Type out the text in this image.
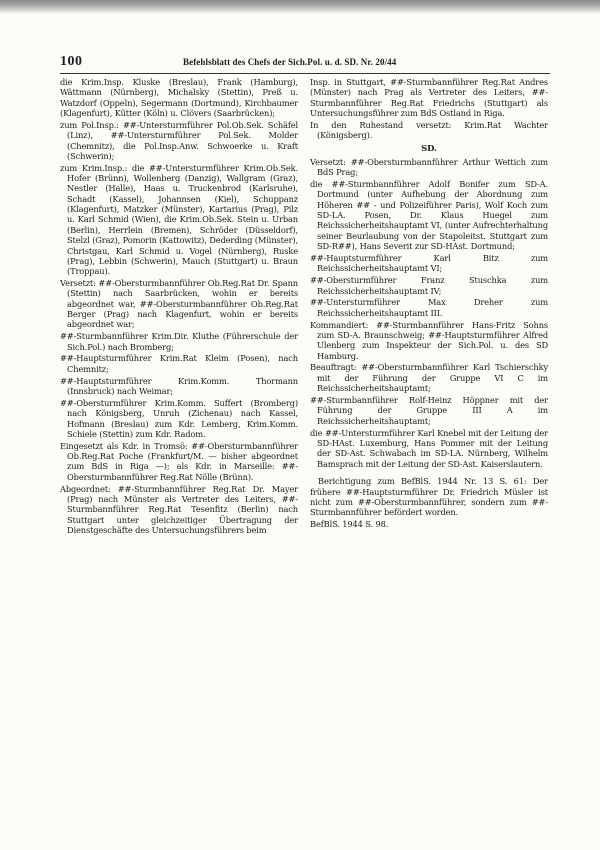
100	Befehlsblatt des Chefs der Sich.Pol. u. d. SD. Nr. 20/44

die Krim.Insp. Kluske (Breslau), Frank (Hamburg), Wättmann (Nürnberg), Michalsky (Stettin), Preß u. Watzdorf (Oppeln), Segermann (Dortmund), Kirchbaumer (Klagenfurt), Kütter (Köln) u. Clövers (Saarbrücken);

zum Pol.Insp.: ##-Untersturmführer Pol.Ob.Sek. Schäfel (Linz), ##-Untersturmführer Pol.Sek. Molder (Chemnitz), die Pol.Insp.Anw. Schwoerke u. Kraft (Schwerin);

zum Krim.Insp.: die ##-Untersturmführer Krim.Ob.Sek. Hofer (Brünn), Wollenberg (Danzig), Wallgram (Graz), Nestler (Halle), Haas u. Truckenbrod (Karlsruhe), Schadt (Kassel), Johannsen (Kiel), Schuppanz (Klagenfurt), Matzker (Münster), Kartarius (Prag), Pilz u. Karl Schmid (Wien), die Krim.Ob.Sek. Stein u. Urban (Berlin), Herrlein (Bremen), Schröder (Düsseldorf), Stelzl (Graz), Pomorin (Kattowitz), Dederding (Münster), Christgau, Karl Schmid u. Vogel (Nürnberg), Ruske (Prag), Lebbin (Schwerin), Mauch (Stuttgart) u. Braun (Troppau).

Versetzt: ##-Obersturmbannführer Ob.Reg.Rat Dr. Spann (Stettin) nach Saarbrücken, wohin er bereits abgeordnet war, ##-Obersturmbannführer Ob.Reg.Rat Berger (Prag) nach Klagenfurt, wohin er bereits abgeordnet war;

##-Sturmbannführer Krim.Dir. Kluthe (Führerschule der Sich.Pol.) nach Bromberg;

##-Hauptsturmführer Krim.Rat Kleim (Posen), nach Chemnitz;

##-Hauptsturmführer Krim.Komm. Thormann (Innsbruck) nach Weimar;

##-Obersturmführer Krim.Komm. Suffert (Bromberg) nach Königsberg, Unruh (Zichenau) nach Kassel, Hofmann (Breslau) zum Kdr. Lemberg, Krim.Komm. Schiele (Stettin) zum Kdr. Radom.

Eingesetzt als Kdr. in Tromsö: ##-Obersturmbannführer Ob.Reg.Rat Poche (Frankfurt/M. — bisher abgeordnet zum BdS in Riga —); als Kdr. in Marseille: ##-Obersturmbannführer Reg.Rat Nölle (Brünn).

Abgeordnet: ##-Sturmbannführer Reg.Rat Dr. Mayer (Prag) nach Münster als Vertreter des Leiters, ##-Sturmbannführer Reg.Rat Tesenfitz (Berlin) nach Stuttgart unter gleichzeitiger Übertragung der Dienstgeschäfte des Untersuchungsführers beim

Insp. in Stuttgart, ##-Sturmbannführer Reg.Rat Andres (Münster) nach Prag als Vertreter des Leiters, ##-Sturmbannführer Reg.Rat Friedrichs (Stuttgart) als Untersuchungsführer zum BdS Ostland in Riga.

In den Ruhestand versetzt: Krim.Rat Wachter (Königsberg).

SD.

Versetzt: ##-Obersturmbannführer Arthur Wettich zum BdS Prag;

die ##-Sturmbannführer Adolf Bonifer zum SD-A. Dortmund (unter Aufhebung der Abordnung zum Höheren ## - und Polizeiführer Paris), Wolf Koch zum SD-LA. Posen, Dr. Klaus Huegel zum Reichssicherheitshauptamt VI, (unter Aufrechterhaltung seiner Beurlaubung von der Stapoleitst. Stuttgart zum SD-R##), Hans Severit zur SD-HAst. Dortmund;

##-Hauptsturmführer Karl Bitz zum Reichssicherheitshauptamt VI;

##-Obersturmführer Franz Stuschka zum Reichssicherheitshauptamt IV;

##-Untersturmführer Max Dreher zum Reichssicherheitshauptamt III.

Kommandiert: ##-Sturmbannführer Hans-Fritz Sohns zum SD-A. Braunschweig; ##-Hauptsturmführer Alfred Ulenberg zum Inspekteur der Sich.Pol. u. des SD Hamburg.

Beauftragt: ##-Obersturmbannführer Karl Tschierschky mit der Führung der Gruppe VI C im Reichssicherheitshauptamt;

##-Sturmbannführer Rolf-Heinz Höppner mit der Führung der Gruppe III A im Reichssicherheitshauptamt;

die ##-Untersturmführer Karl Knebel mit der Leitung der SD-HAst. Luxemburg, Hans Pommer mit der Leitung der SD-Ast. Schwabach im SD-LA. Nürnberg, Wilhelm Bamsprach mit der Leitung der SD-Ast. Kaiserslautern.

Berichtigung zum BefBlS. 1944 Nr. 13 S. 61: Der frühere ##-Hauptsturmführer Dr. Friedrich Müsler ist nicht zum ##-Obersturmbannführer, sondern zum ##-Sturmbannführer befördert worden.

BefBlS. 1944 S. 98.
